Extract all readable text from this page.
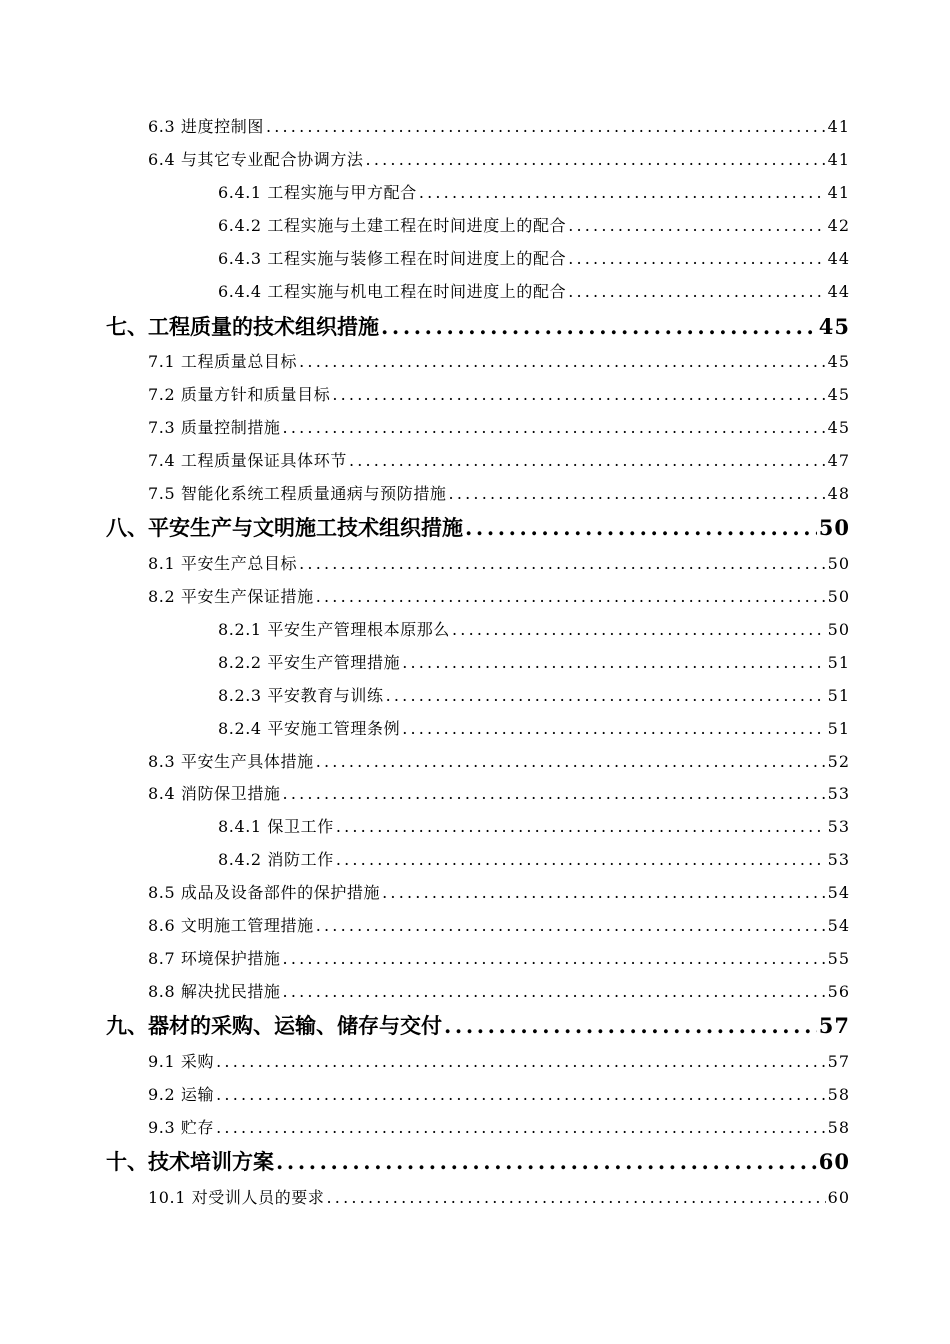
6.3 进度控制图 .....	41
6.4 与其它专业配合协调方法 .....	41
6.4.1 工程实施与甲方配合 .....	41
6.4.2 工程实施与土建工程在时间进度上的配合 .....	42
6.4.3 工程实施与装修工程在时间进度上的配合 .....	44
6.4.4 工程实施与机电工程在时间进度上的配合 .....	44
七、工程质量的技术组织措施 .....	45
7.1 工程质量总目标 .....	45
7.2 质量方针和质量目标 .....	45
7.3 质量控制措施 .....	45
7.4 工程质量保证具体环节 .....	47
7.5 智能化系统工程质量通病与预防措施 .....	48
八、平安生产与文明施工技术组织措施 .....	50
8.1 平安生产总目标 .....	50
8.2 平安生产保证措施 .....	50
8.2.1 平安生产管理根本原那么 .....	50
8.2.2 平安生产管理措施 .....	51
8.2.3 平安教育与训练 .....	51
8.2.4 平安施工管理条例 .....	51
8.3 平安生产具体措施 .....	52
8.4 消防保卫措施 .....	53
8.4.1 保卫工作 .....	53
8.4.2 消防工作 .....	53
8.5 成品及设备部件的保护措施 .....	54
8.6 文明施工管理措施 .....	54
8.7 环境保护措施 .....	55
8.8 解决扰民措施 .....	56
九、器材的采购、运输、储存与交付 .....	57
9.1 采购 .....	57
9.2 运输 .....	58
9.3 贮存 .....	58
十、技术培训方案 .....	60
10.1 对受训人员的要求 .....	60
